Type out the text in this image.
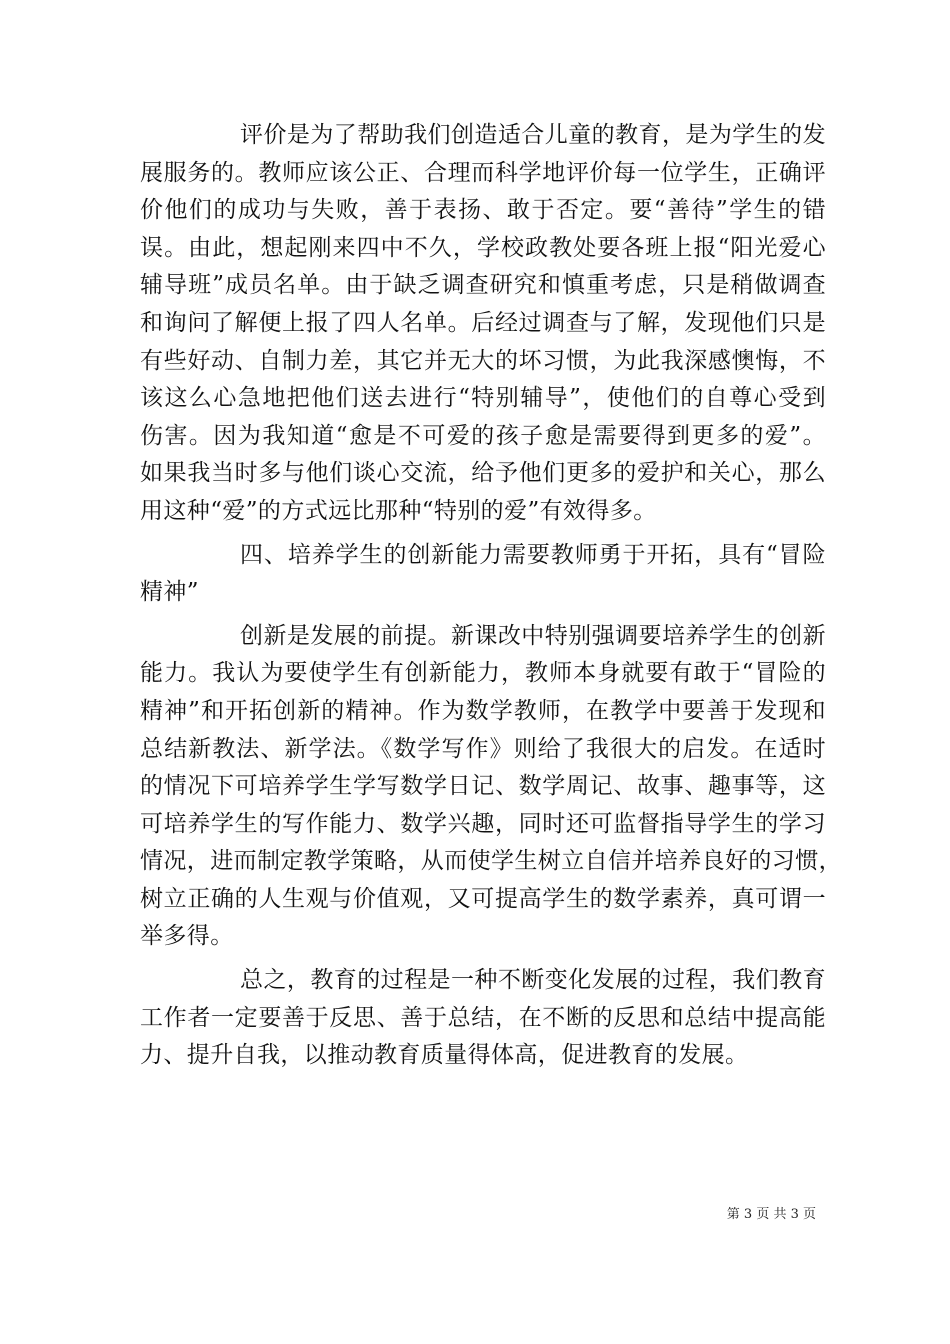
评价是为了帮助我们创造适合儿童的教育，是为学生的发
展服务的。教师应该公正、合理而科学地评价每一位学生，正确评
价他们的成功与失败，善于表扬、敢于否定。要“善待”学生的错
误。由此，想起刚来四中不久，学校政教处要各班上报“阳光爱心
辅导班”成员名单。由于缺乏调查研究和慎重考虑，只是稍做调查
和询问了解便上报了四人名单。后经过调查与了解，发现他们只是
有些好动、自制力差，其它并无大的坏习惯，为此我深感懊悔，不
该这么心急地把他们送去进行“特别辅导”，使他们的自尊心受到
伤害。因为我知道“愈是不可爱的孩子愈是需要得到更多的爱”。
如果我当时多与他们谈心交流，给予他们更多的爱护和关心，那么
用这种“爱”的方式远比那种“特别的爱”有效得多。
四、培养学生的创新能力需要教师勇于开拓，具有“冒险
精神”
创新是发展的前提。新课改中特别强调要培养学生的创新
能力。我认为要使学生有创新能力，教师本身就要有敢于“冒险的
精神”和开拓创新的精神。作为数学教师，在教学中要善于发现和
总结新教法、新学法。《数学写作》则给了我很大的启发。在适时
的情况下可培养学生学写数学日记、数学周记、故事、趣事等，这
可培养学生的写作能力、数学兴趣，同时还可监督指导学生的学习
情况，进而制定教学策略，从而使学生树立自信并培养良好的习惯，
树立正确的人生观与价值观，又可提高学生的数学素养，真可谓一
举多得。
总之，教育的过程是一种不断变化发展的过程，我们教育
工作者一定要善于反思、善于总结，在不断的反思和总结中提高能
力、提升自我，以推动教育质量得体高，促进教育的发展。
第 3 页 共 3 页
